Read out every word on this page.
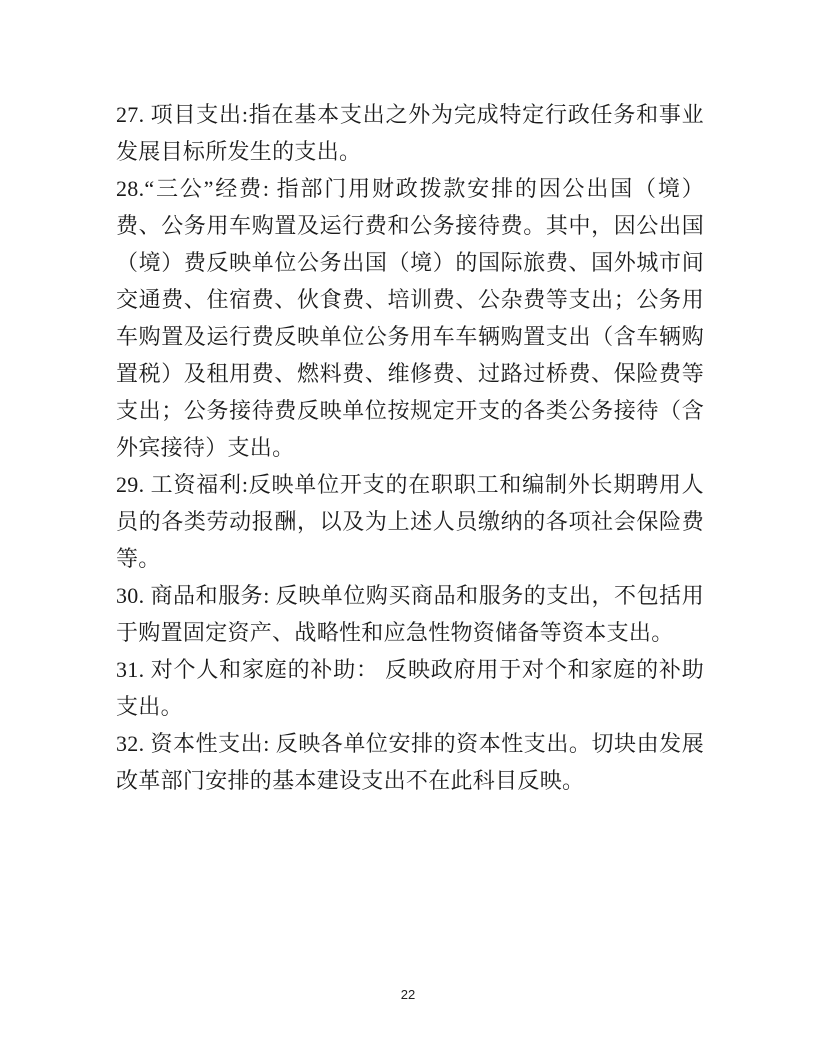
27. 项目支出:指在基本支出之外为完成特定行政任务和事业发展目标所发生的支出。

28.“三公”经费: 指部门用财政拨款安排的因公出国（境）费、公务用车购置及运行费和公务接待费。其中，因公出国（境）费反映单位公务出国（境）的国际旅费、国外城市间交通费、住宿费、伙食费、培训费、公杂费等支出；公务用车购置及运行费反映单位公务用车车辆购置支出（含车辆购置税）及租用费、燃料费、维修费、过路过桥费、保险费等支出；公务接待费反映单位按规定开支的各类公务接待（含外宾接待）支出。

29. 工资福利:反映单位开支的在职职工和编制外长期聘用人员的各类劳动报酬，以及为上述人员缴纳的各项社会保险费等。

30. 商品和服务: 反映单位购买商品和服务的支出，不包括用于购置固定资产、战略性和应急性物资储备等资本支出。

31. 对个人和家庭的补助： 反映政府用于对个和家庭的补助支出。

32. 资本性支出: 反映各单位安排的资本性支出。切块由发展改革部门安排的基本建设支出不在此科目反映。

22
